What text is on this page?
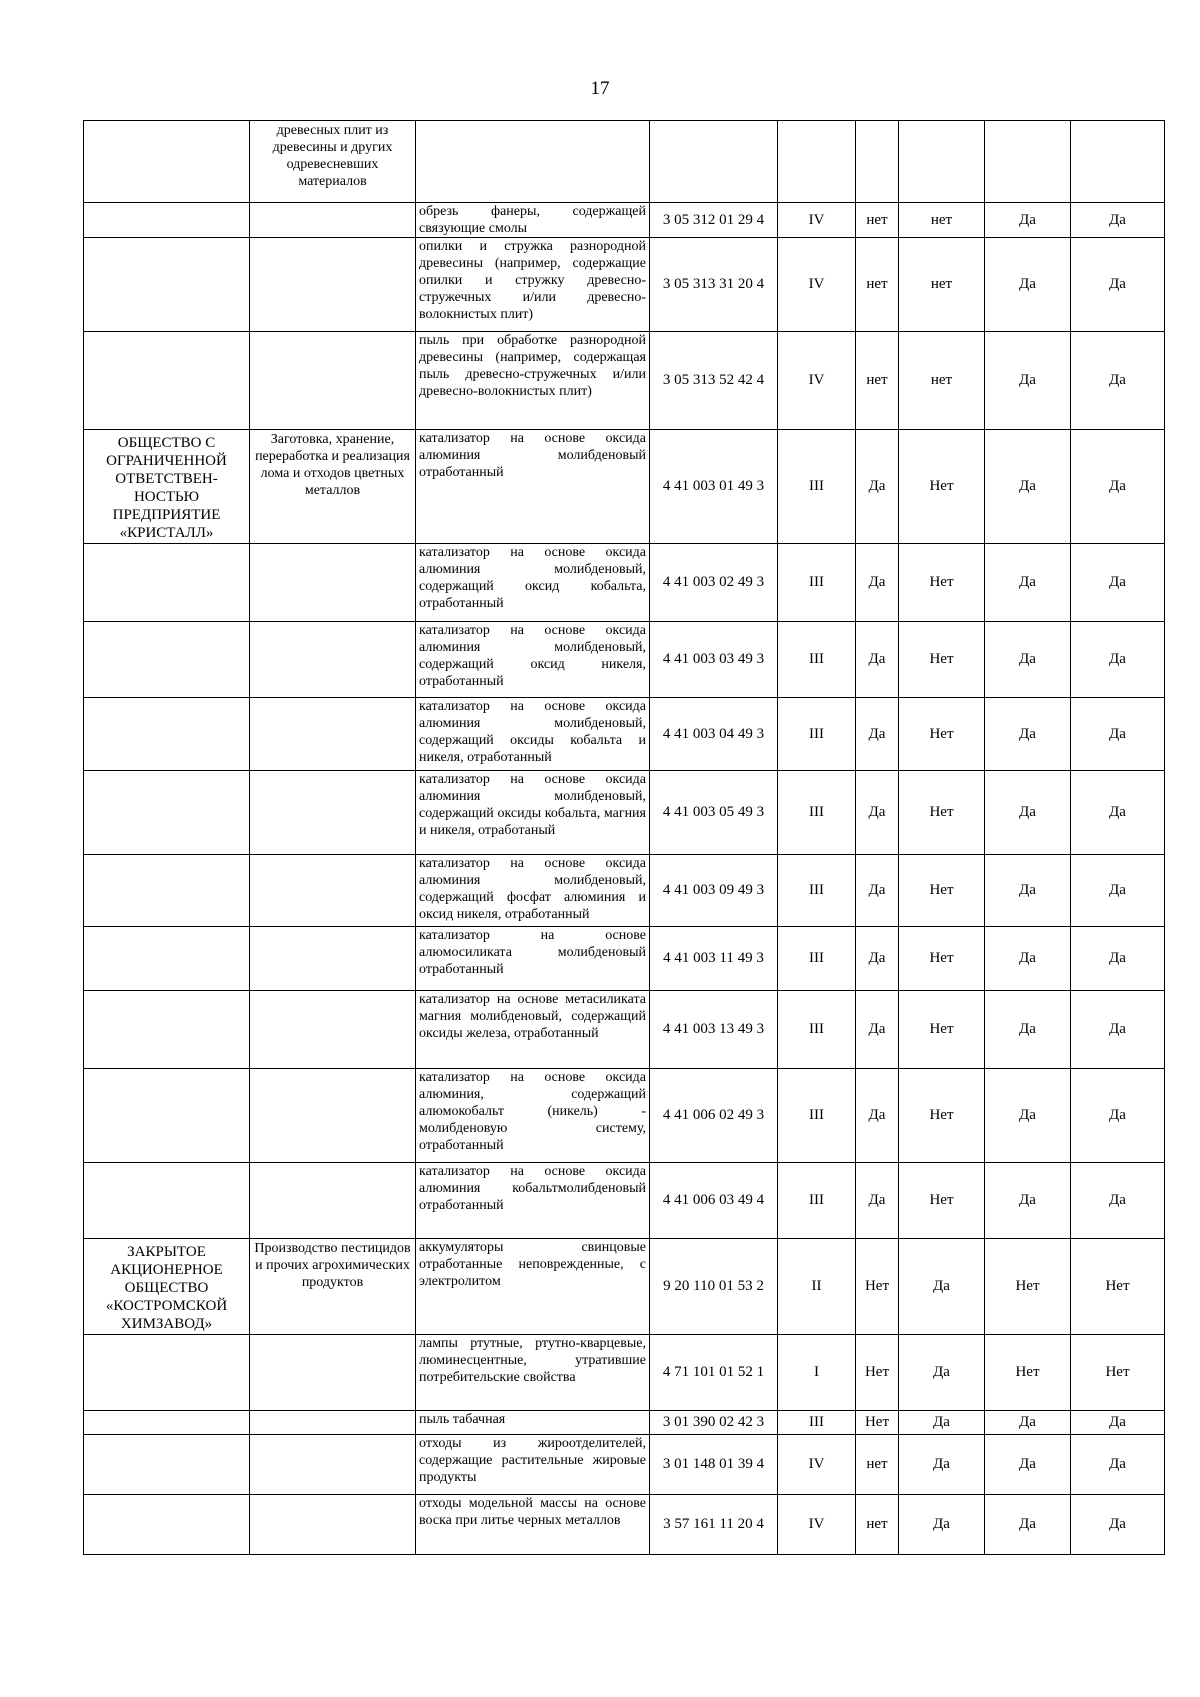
17
	древесных плит из древесины и других одревесневших материалов							
		обрезь фанеры, содержащей связующие смолы	3 05 312 01 29 4	IV	нет	нет	Да	Да
		опилки и стружка разнородной древесины (например, содержащие опилки и стружку древесно-стружечных и/или древесно-волокнистых плит)	3 05 313 31 20 4	IV	нет	нет	Да	Да
		пыль при обработке разнородной древесины (например, содержащая пыль древесно-стружечных и/или древесно-волокнистых плит)	3 05 313 52 42 4	IV	нет	нет	Да	Да
ОБЩЕСТВО С ОГРАНИЧЕННОЙ ОТВЕТСТВЕН-НОСТЬЮ ПРЕДПРИЯТИЕ «КРИСТАЛЛ»	Заготовка, хранение, переработка и реализация лома и отходов цветных металлов	катализатор на основе оксида алюминия молибденовый отработанный	4 41 003 01 49 3	III	Да	Нет	Да	Да
		катализатор на основе оксида алюминия молибденовый, содержащий оксид кобальта, отработанный	4 41 003 02 49 3	III	Да	Нет	Да	Да
		катализатор на основе оксида алюминия молибденовый, содержащий оксид никеля, отработанный	4 41 003 03 49 3	III	Да	Нет	Да	Да
		катализатор на основе оксида алюминия молибденовый, содержащий оксиды кобальта и никеля, отработанный	4 41 003 04 49 3	III	Да	Нет	Да	Да
		катализатор на основе оксида алюминия молибденовый, содержащий оксиды кобальта, магния и никеля, отработаный	4 41 003 05 49 3	III	Да	Нет	Да	Да
		катализатор на основе оксида алюминия молибденовый, содержащий фосфат алюминия и оксид никеля, отработанный	4 41 003 09 49 3	III	Да	Нет	Да	Да
		катализатор на основе алюмосиликата молибденовый отработанный	4 41 003 11 49 3	III	Да	Нет	Да	Да
		катализатор на основе метасиликата магния молибденовый, содержащий оксиды железа, отработанный	4 41 003 13 49 3	III	Да	Нет	Да	Да
		катализатор на основе оксида алюминия, содержащий алюмокобальт (никель) - молибденовую систему, отработанный	4 41 006 02 49 3	III	Да	Нет	Да	Да
		катализатор на основе оксида алюминия кобальтмолибденовый отработанный	4 41 006 03 49 4	III	Да	Нет	Да	Да
ЗАКРЫТОЕ АКЦИОНЕРНОЕ ОБЩЕСТВО «КОСТРОМСКОЙ ХИМЗАВОД»	Производство пестицидов и прочих агрохимических продуктов	аккумуляторы свинцовые отработанные неповрежденные, с электролитом	9 20 110 01 53 2	II	Нет	Да	Нет	Нет
		лампы ртутные, ртутно-кварцевые, люминесцентные, утратившие потребительские свойства	4 71 101 01 52 1	I	Нет	Да	Нет	Нет
		пыль табачная	3 01 390 02 42 3	III	Нет	Да	Да	Да
		отходы из жироотделителей, содержащие растительные жировые продукты	3 01 148 01 39 4	IV	нет	Да	Да	Да
		отходы модельной массы на основе воска при литье черных металлов	3 57 161 11 20 4	IV	нет	Да	Да	Да
